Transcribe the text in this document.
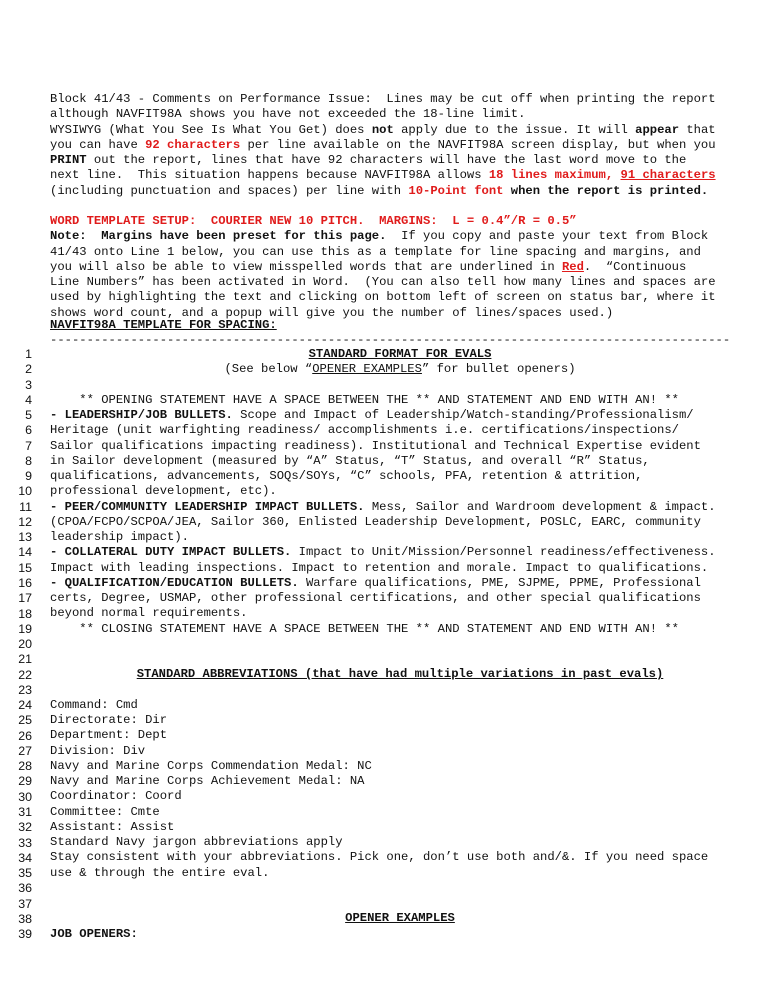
Block 41/43 - Comments on Performance Issue:  Lines may be cut off when printing the report
although NAVFIT98A shows you have not exceeded the 18-line limit.
WYSIWYG (What You See Is What You Get) does not apply due to the issue. It will appear that
you can have 92 characters per line available on the NAVFIT98A screen display, but when you
PRINT out the report, lines that have 92 characters will have the last word move to the
next line.  This situation happens because NAVFIT98A allows 18 lines maximum, 91 characters
(including punctuation and spaces) per line with 10-Point font when the report is printed.
WORD TEMPLATE SETUP:  COURIER NEW 10 PITCH.  MARGINS:  L = 0.4”/R = 0.5”
Note:  Margins have been preset for this page.  If you copy and paste your text from Block
41/43 onto Line 1 below, you can use this as a template for line spacing and margins, and
you will also be able to view misspelled words that are underlined in Red.  “Continuous
Line Numbers” has been activated in Word.  (You can also tell how many lines and spaces are
used by highlighting the text and clicking on bottom left of screen on status bar, where it
shows word count, and a popup will give you the number of lines/spaces used.)
NAVFIT98A TEMPLATE FOR SPACING:
---------------------------------------------------------------------------------------------
1
2
3
4
5
6
7
8
9
10
11
12
13
14
15
16
17
18
19
20
21
22
23
24
25
26
27
28
29
30
31
32
33
34
35
36
37
38
39
STANDARD FORMAT FOR EVALS
(See below “OPENER EXAMPLES” for bullet openers)
** OPENING STATEMENT HAVE A SPACE BETWEEN THE ** AND STATEMENT AND END WITH AN! **
- LEADERSHIP/JOB BULLETS. Scope and Impact of Leadership/Watch-standing/Professionalism/
Heritage (unit warfighting readiness/ accomplishments i.e. certifications/inspections/
Sailor qualifications impacting readiness). Institutional and Technical Expertise evident
in Sailor development (measured by “A” Status, “T” Status, and overall “R” Status,
qualifications, advancements, SOQs/SOYs, “C” schools, PFA, retention & attrition,
professional development, etc).
- PEER/COMMUNITY LEADERSHIP IMPACT BULLETS. Mess, Sailor and Wardroom development & impact.
(CPOA/FCPO/SCPOA/JEA, Sailor 360, Enlisted Leadership Development, POSLC, EARC, community
leadership impact).
- COLLATERAL DUTY IMPACT BULLETS. Impact to Unit/Mission/Personnel readiness/effectiveness.
Impact with leading inspections. Impact to retention and morale. Impact to qualifications.
- QUALIFICATION/EDUCATION BULLETS. Warfare qualifications, PME, SJPME, PPME, Professional
certs, Degree, USMAP, other professional certifications, and other special qualifications
beyond normal requirements.
** CLOSING STATEMENT HAVE A SPACE BETWEEN THE ** AND STATEMENT AND END WITH AN! **
STANDARD ABBREVIATIONS (that have had multiple variations in past evals)
Command: Cmd
Directorate: Dir
Department: Dept
Division: Div
Navy and Marine Corps Commendation Medal: NC
Navy and Marine Corps Achievement Medal: NA
Coordinator: Coord
Committee: Cmte
Assistant: Assist
Standard Navy jargon abbreviations apply
Stay consistent with your abbreviations. Pick one, don’t use both and/&. If you need space
use & through the entire eval.
OPENER EXAMPLES
JOB OPENERS:
